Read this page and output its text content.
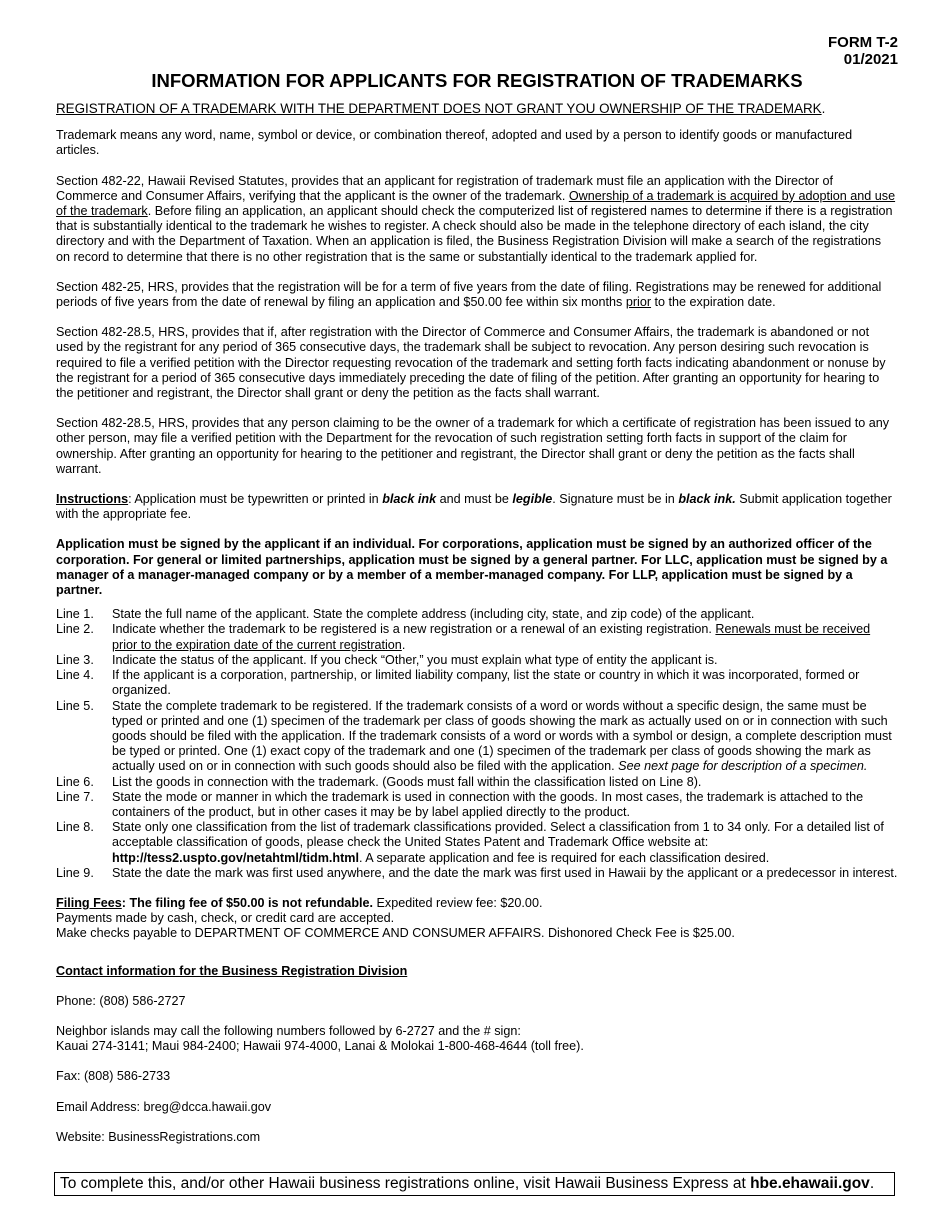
FORM T-2
01/2021
INFORMATION FOR APPLICANTS FOR REGISTRATION OF TRADEMARKS

REGISTRATION OF A TRADEMARK WITH THE DEPARTMENT DOES NOT GRANT YOU OWNERSHIP OF THE TRADEMARK.

Trademark means any word, name, symbol or device, or combination thereof, adopted and used by a person to identify goods or manufactured articles.

Section 482-22, Hawaii Revised Statutes, provides that an applicant for registration of trademark must file an application with the Director of Commerce and Consumer Affairs, verifying that the applicant is the owner of the trademark. Ownership of a trademark is acquired by adoption and use of the trademark. Before filing an application, an applicant should check the computerized list of registered names to determine if there is a registration that is substantially identical to the trademark he wishes to register. A check should also be made in the telephone directory of each island, the city directory and with the Department of Taxation. When an application is filed, the Business Registration Division will make a search of the registrations on record to determine that there is no other registration that is the same or substantially identical to the trademark applied for.

Section 482-25, HRS, provides that the registration will be for a term of five years from the date of filing. Registrations may be renewed for additional periods of five years from the date of renewal by filing an application and $50.00 fee within six months prior to the expiration date.

Section 482-28.5, HRS, provides that if, after registration with the Director of Commerce and Consumer Affairs, the trademark is abandoned or not used by the registrant for any period of 365 consecutive days, the trademark shall be subject to revocation. Any person desiring such revocation is required to file a verified petition with the Director requesting revocation of the trademark and setting forth facts indicating abandonment or nonuse by the registrant for a period of 365 consecutive days immediately preceding the date of filing of the petition. After granting an opportunity for hearing to the petitioner and registrant, the Director shall grant or deny the petition as the facts shall warrant.

Section 482-28.5, HRS, provides that any person claiming to be the owner of a trademark for which a certificate of registration has been issued to any other person, may file a verified petition with the Department for the revocation of such registration setting forth facts in support of the claim for ownership. After granting an opportunity for hearing to the petitioner and registrant, the Director shall grant or deny the petition as the facts shall warrant.

Instructions: Application must be typewritten or printed in black ink and must be legible. Signature must be in black ink. Submit application together with the appropriate fee.

Application must be signed by the applicant if an individual. For corporations, application must be signed by an authorized officer of the corporation. For general or limited partnerships, application must be signed by a general partner. For LLC, application must be signed by a manager of a manager-managed company or by a member of a member-managed company. For LLP, application must be signed by a partner.

Line 1.	State the full name of the applicant. State the complete address (including city, state, and zip code) of the applicant.
Line 2.	Indicate whether the trademark to be registered is a new registration or a renewal of an existing registration. Renewals must be received prior to the expiration date of the current registration.
Line 3.	Indicate the status of the applicant. If you check “Other,” you must explain what type of entity the applicant is.
Line 4.	If the applicant is a corporation, partnership, or limited liability company, list the state or country in which it was incorporated, formed or organized.
Line 5.	State the complete trademark to be registered. If the trademark consists of a word or words without a specific design, the same must be typed or printed and one (1) specimen of the trademark per class of goods showing the mark as actually used on or in connection with such goods should be filed with the application. If the trademark consists of a word or words with a symbol or design, a complete description must be typed or printed. One (1) exact copy of the trademark and one (1) specimen of the trademark per class of goods showing the mark as actually used on or in connection with such goods should also be filed with the application. See next page for description of a specimen.
Line 6.	List the goods in connection with the trademark. (Goods must fall within the classification listed on Line 8).
Line 7.	State the mode or manner in which the trademark is used in connection with the goods. In most cases, the trademark is attached to the containers of the product, but in other cases it may be by label applied directly to the product.
Line 8.	State only one classification from the list of trademark classifications provided. Select a classification from 1 to 34 only. For a detailed list of acceptable classification of goods, please check the United States Patent and Trademark Office website at: http://tess2.uspto.gov/netahtml/tidm.html. A separate application and fee is required for each classification desired.
Line 9.	State the date the mark was first used anywhere, and the date the mark was first used in Hawaii by the applicant or a predecessor in interest.

Filing Fees: The filing fee of $50.00 is not refundable. Expedited review fee: $20.00.

Payments made by cash, check, or credit card are accepted.

Make checks payable to DEPARTMENT OF COMMERCE AND CONSUMER AFFAIRS. Dishonored Check Fee is $25.00.

Contact information for the Business Registration Division

Phone: (808) 586-2727

Neighbor islands may call the following numbers followed by 6-2727 and the # sign:

Kauai 274-3141; Maui 984-2400; Hawaii 974-4000, Lanai & Molokai 1-800-468-4644 (toll free).

Fax: (808) 586-2733

Email Address: breg@dcca.hawaii.gov

Website: BusinessRegistrations.com

To complete this, and/or other Hawaii business registrations online, visit Hawaii Business Express at hbe.ehawaii.gov.
